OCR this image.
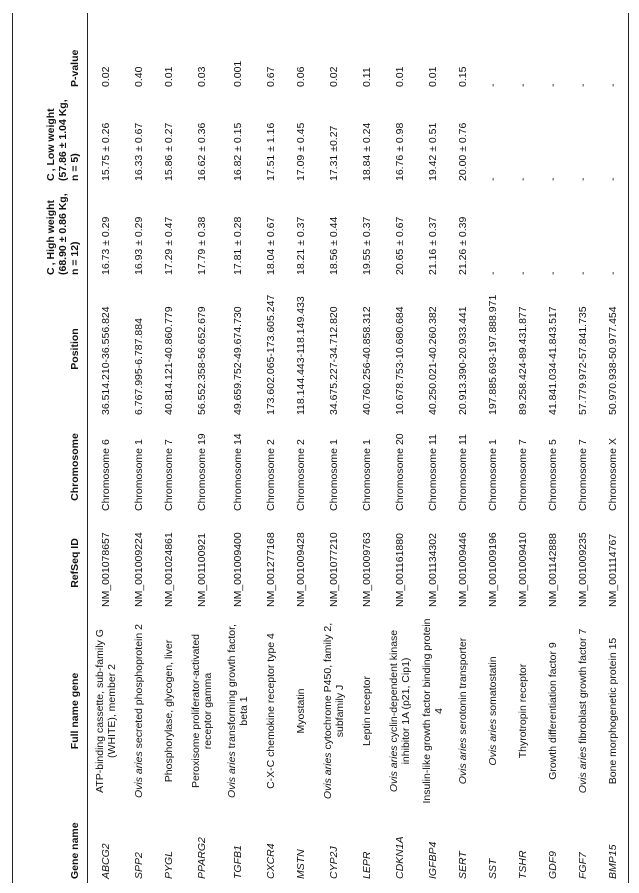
Gene name	Full name gene	RefSeq ID	Chromosome	Position	C , High weight (68.90 ± 0.86 Kg, n = 12)	C , Low weight (57.86 ± 1.04 Kg, n = 5)	P-value
ABCG2	ATP-binding cassette, sub-family G (WHITE), member 2	NM_001078657	Chromosome 6	36.514.210-36.556.824	16.73 ± 0.29	15.75 ± 0.26	0.02
SPP2	Ovis aries secreted phosphoprotein 2	NM_001009224	Chromosome 1	6.767.995-6.787.884	16.93 ± 0.29	16.33 ± 0.67	0.40
PYGL	Phosphorylase, glycogen, liver	NM_001024861	Chromosome 7	40.814.121-40.860.779	17.29 ± 0.47	15.86 ± 0.27	0.01
PPARG2	Peroxisome proliferator-activated receptor gamma	NM_001100921	Chromosome 19	56.552.358-56.652.679	17.79 ± 0.38	16.62 ± 0.36	0.03
TGFB1	Ovis aries transforming growth factor, beta 1	NM_001009400	Chromosome 14	49.659.752-49.674.730	17.81 ± 0.28	16.82 ± 0.15	0.001
CXCR4	C-X-C chemokine receptor type 4	NM_001277168	Chromosome 2	173.602.065-173.605.247	18.04 ± 0.67	17.51 ± 1.16	0.67
MSTN	Myostatin	NM_001009428	Chromosome 2	118.144.443-118.149.433	18.21 ± 0.37	17.09 ± 0.45	0.06
CYP2J	Ovis aries cytochrome P450, family 2, subfamily J	NM_001077210	Chromosome 1	34.675.227-34.712.820	18.56 ± 0.44	17.31 ±0.27	0.02
LEPR	Leptin receptor	NM_001009763	Chromosome 1	40.760.256-40.858.312	19.55 ± 0.37	18.84 ± 0.24	0.11
CDKN1A	Ovis aries cyclin-dependent kinase inhibitor 1A (p21, Cip1)	NM_001161880	Chromosome 20	10.678.753-10.680.684	20.65 ± 0.67	16.76 ± 0.98	0.01
IGFBP4	Insulin-like growth factor binding protein 4	NM_001134302	Chromosome 11	40.250.021-40.260.382	21.16 ± 0.37	19.42 ± 0.51	0.01
SERT	Ovis aries serotonin transporter	NM_001009446	Chromosome 11	20.913.390-20.933.441	21.26 ± 0.39	20.00 ± 0.76	0.15
SST	Ovis aries somatostatin	NM_001009196	Chromosome 1	197.885.693-197.888.971	-	-	-
TSHR	Thyrotropin receptor	NM_001009410	Chromosome 7	89.258.424-89.431.877	-	-	-
GDF9	Growth differentiation factor 9	NM_001142888	Chromosome 5	41.841.034-41.843.517	-	-	-
FGF7	Ovis aries fibroblast growth factor 7	NM_001009235	Chromosome 7	57.779.972-57.841.735	-	-	-
BMP15	Bone morphogenetic protein 15	NM_001114767	Chromosome X	50.970.938-50.977.454	-	-	-
